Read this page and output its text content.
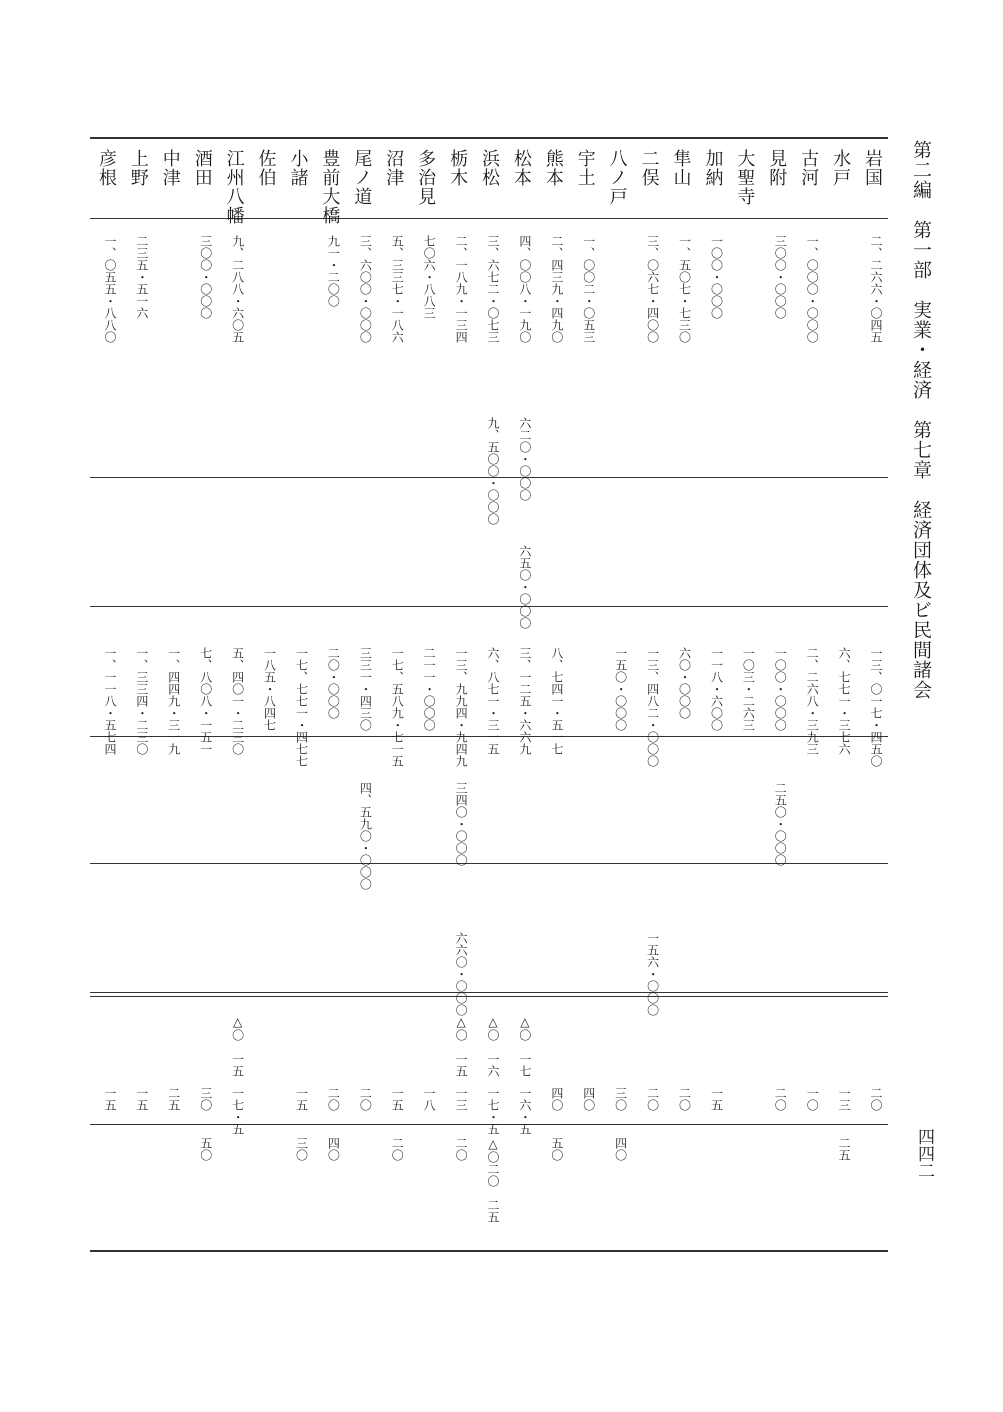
第二編　第一部　実業・経済　第七章　経済団体及ビ民間諸会
四四二
岩国
二、二六六・〇四五
一三、〇一七・四五〇
二〇
水戸
六、七七一・三七六
一三
二五
古河
一、〇〇〇・〇〇〇
二、二六八・三九三
一〇
見附
三〇〇・〇〇〇
一〇〇・〇〇〇
二五〇・〇〇〇
二〇
大聖寺
一〇三・二六三
加納
一〇〇・〇〇〇
一一八・六〇〇
一五
隼山
一、五〇七・七三〇
六〇・〇〇〇
二〇
二俣
三、〇六七・四〇〇
一三、四八二・〇〇〇
一五六・〇〇〇
二〇
八ノ戸
一五〇・〇〇〇
三〇
四〇
宇土
一、〇〇二・〇五三
四〇
熊本
二、四三九・四九〇
八、七四一・五一七
四〇
五〇
松本
四、〇〇八・一九〇
六二〇・〇〇〇
六五〇・〇〇〇
三、一二五・六六九
△〇　一七
一六・五
浜松
三、六七二・〇七三
九、五〇〇・〇〇〇
六、八七一・三一五
△〇　一六
一七・五
△〇二〇　二五
栃木
二、一八九・一三四
一三、九九四・九四九
三四〇・〇〇〇
六六〇・〇〇〇
△〇　一五
一三
二〇
多治見
七〇六・八八三
二一一・〇〇〇
一八
沼津
五、三三七・一八六
一七、五八九・七一五
一五
二〇
尾ノ道
三、六〇〇・〇〇〇
三三一・四三〇
四、五九〇・〇〇〇
二〇
豊前大橋
九一・二〇〇
二〇・〇〇〇
二〇
四〇
小諸
一七、七七一・四七七
一五
三〇
佐伯
一八五・八四七
江州八幡
九、二八八・六〇五
五、四〇一・二三〇
△〇　一五
一七・五
酒田
三〇〇・〇〇〇
七、八〇八・一五一
三〇
五〇
中津
一、四四九・三一九
二五
上野
二三五・五一六
一、三三四・二三〇
一五
彦根
一、〇五五・八八〇
一、一一八・五七四
一五
